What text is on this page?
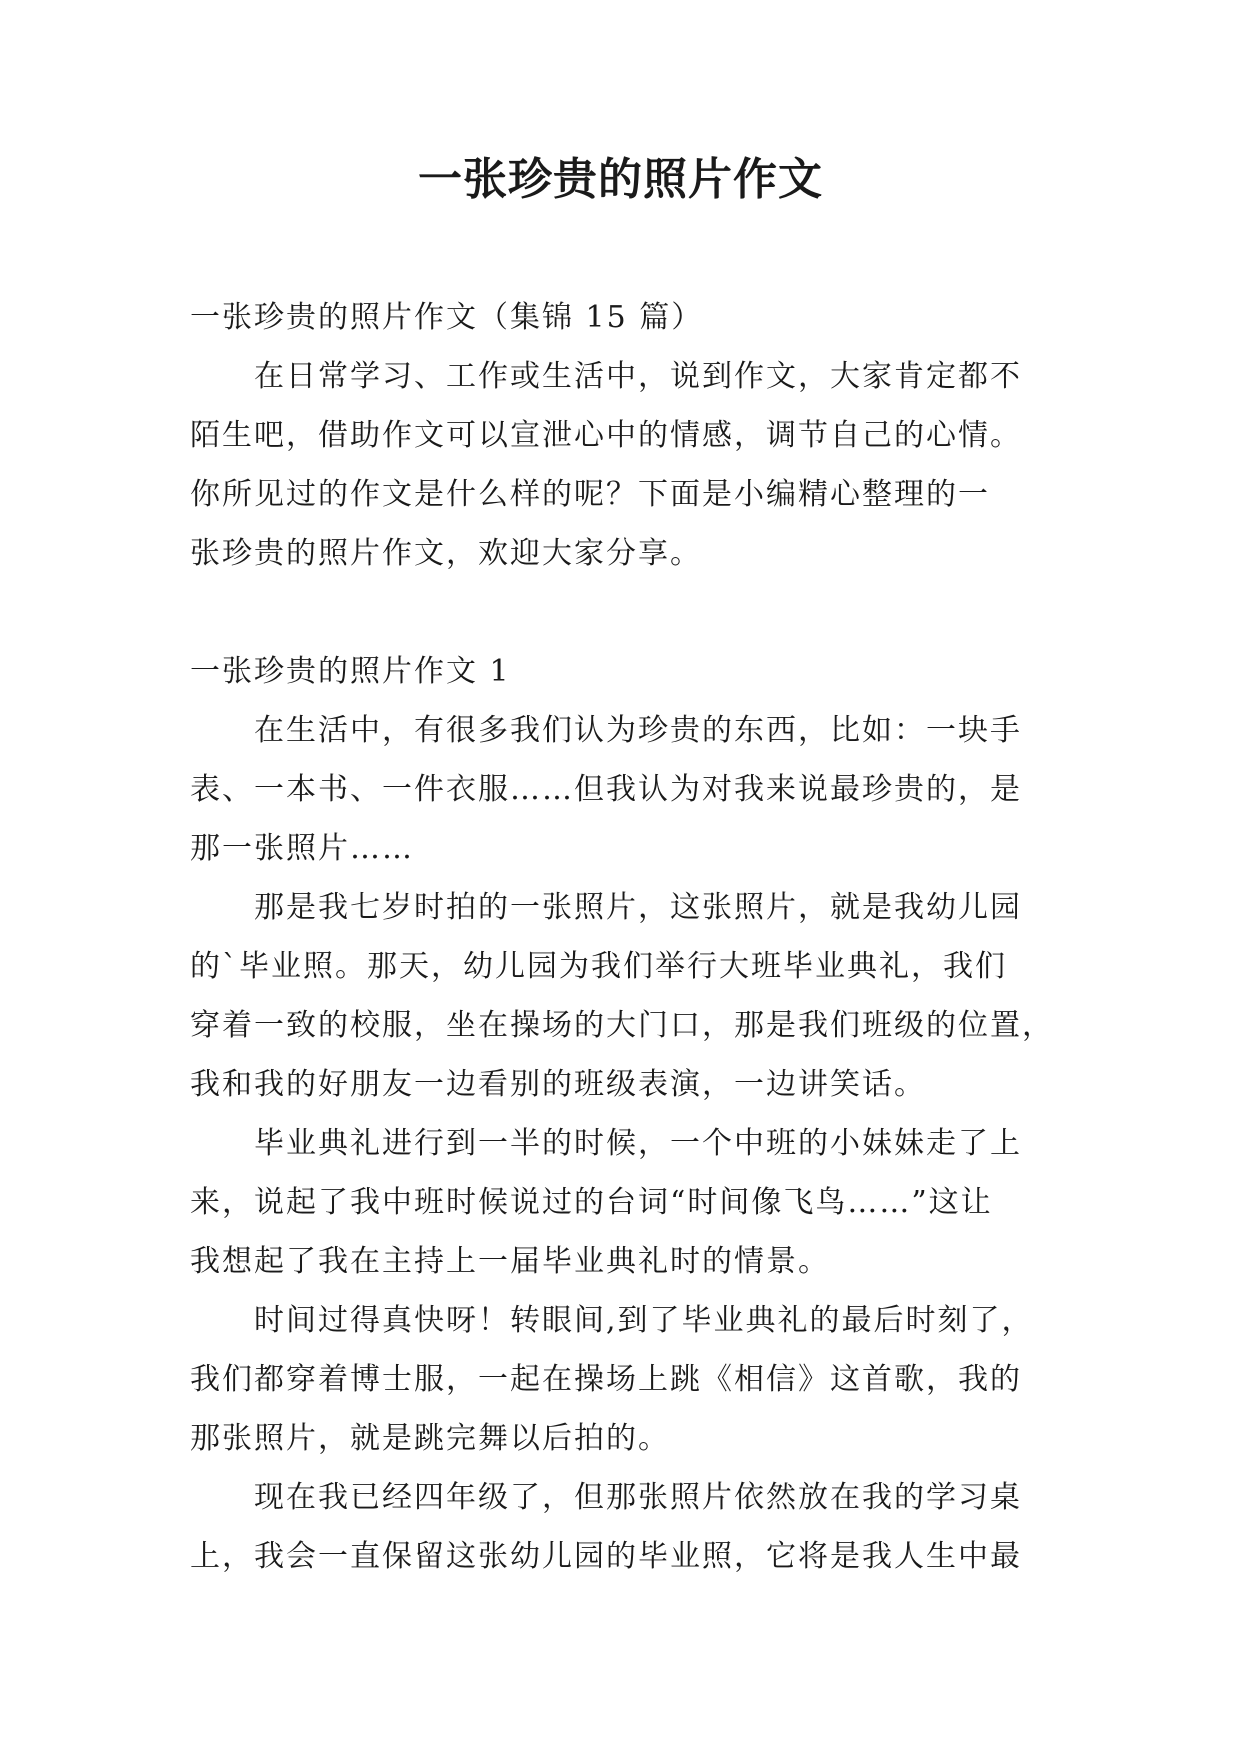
一张珍贵的照片作文

一张珍贵的照片作文（集锦 15 篇）

　　在日常学习、工作或生活中，说到作文，大家肯定都不

陌生吧，借助作文可以宣泄心中的情感，调节自己的心情。

你所见过的作文是什么样的呢？下面是小编精心整理的一

张珍贵的照片作文，欢迎大家分享。

一张珍贵的照片作文 1

　　在生活中，有很多我们认为珍贵的东西，比如：一块手

表、一本书、一件衣服……但我认为对我来说最珍贵的，是

那一张照片……

　　那是我七岁时拍的一张照片，这张照片，就是我幼儿园

的`毕业照。那天，幼儿园为我们举行大班毕业典礼，我们

穿着一致的校服，坐在操场的大门口，那是我们班级的位置，

我和我的好朋友一边看别的班级表演，一边讲笑话。

　　毕业典礼进行到一半的时候，一个中班的小妹妹走了上

来，说起了我中班时候说过的台词“时间像飞鸟……”这让

我想起了我在主持上一届毕业典礼时的情景。

　　时间过得真快呀！转眼间,到了毕业典礼的最后时刻了，

我们都穿着博士服，一起在操场上跳《相信》这首歌，我的

那张照片，就是跳完舞以后拍的。

　　现在我已经四年级了，但那张照片依然放在我的学习桌

上，我会一直保留这张幼儿园的毕业照，它将是我人生中最
